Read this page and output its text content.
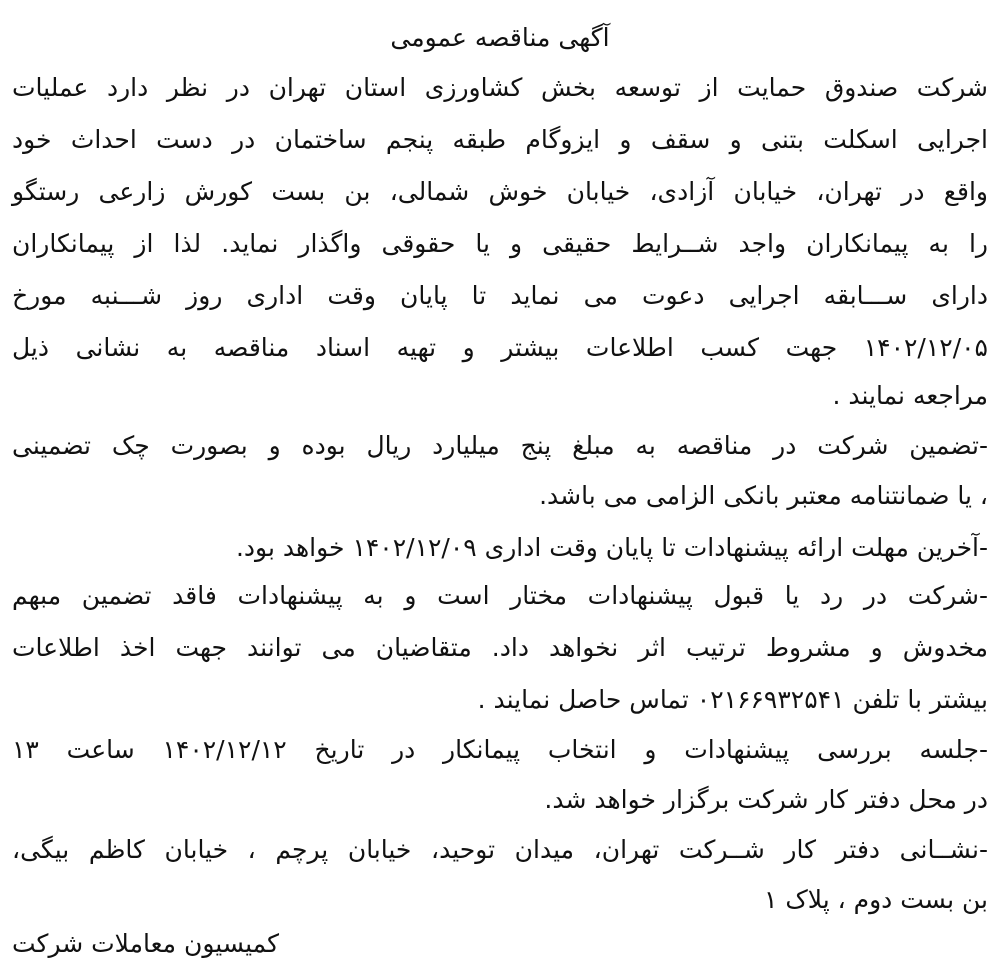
آگهی مناقصه عمومی
شرکت صندوق حمایت از توسعه بخش کشاورزی استان تهران در نظر دارد عملیات
اجرایی اسکلت بتنی و سقف و ایزوگام طبقه پنجم ساختمان در دست احداث خود
واقع در تهران، خیابان آزادی، خیابان خوش شمالی، بن بست کورش زارعی رستگو
را به پیمانکاران واجد شــرایط حقیقی و یا حقوقی واگذار نماید. لذا از پیمانکاران
دارای ســـابقه اجرایی دعوت می نماید تا پایان وقت اداری روز شـــنبه مورخ
۱۴۰۲/۱۲/۰۵ جهت کسب اطلاعات بیشتر و تهیه اسناد مناقصه به نشانی ذیل
مراجعه نمایند .
-تضمین شرکت در مناقصه به مبلغ پنج میلیارد ریال بوده و بصورت چک تضمینی
، یا ضمانتنامه معتبر بانکی الزامی می باشد.
-آخرین مهلت ارائه پیشنهادات تا پایان وقت اداری ۱۴۰۲/۱۲/۰۹ خواهد بود.
-شرکت در رد یا قبول پیشنهادات مختار است و به پیشنهادات فاقد تضمین مبهم
مخدوش و مشروط ترتیب اثر نخواهد داد. متقاضیان می توانند جهت اخذ اطلاعات
بیشتر با تلفن ۰۲۱۶۶۹۳۲۵۴۱ تماس حاصل نمایند .
-جلسه بررسی پیشنهادات و انتخاب پیمانکار در تاریخ ۱۴۰۲/۱۲/۱۲ ساعت ۱۳
در محل دفتر کار شرکت برگزار خواهد شد.
-نشــانی دفتر کار شــرکت تهران، میدان توحید، خیابان پرچم ، خیابان کاظم بیگی،
بن بست دوم ، پلاک ۱
کمیسیون معاملات شرکت
